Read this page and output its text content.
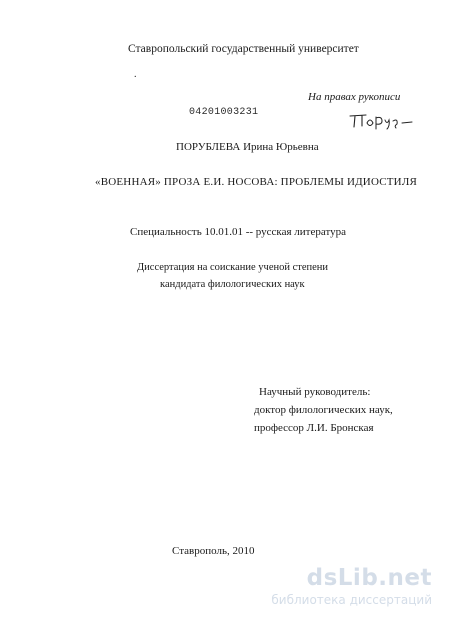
Ставропольский государственный университет
.
На правах рукописи
04201003231
ПОРУБЛЕВА Ирина Юрьевна
«ВОЕННАЯ» ПРОЗА Е.И. НОСОВА: ПРОБЛЕМЫ ИДИОСТИЛЯ
Специальность 10.01.01 -- русская литература
Диссертация на соискание ученой степени
кандидата филологических наук
Научный руководитель:
доктор филологических наук,
профессор Л.И. Бронская
Ставрополь, 2010
dsLib.net
библиотека диссертаций
